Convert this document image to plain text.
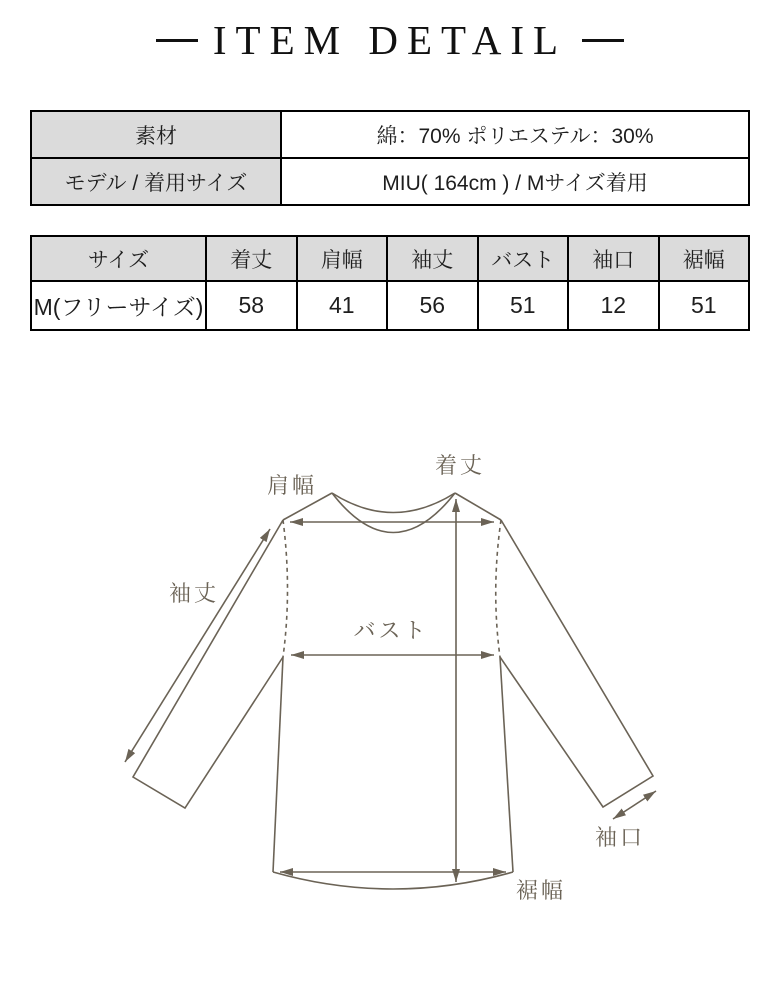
ITEM DETAIL
素材	綿：70% ポリエステル：30%
モデル / 着用サイズ	MIU( 164cm ) / Mサイズ着用
サイズ	着丈	肩幅	袖丈	バスト	袖口	裾幅
M(フリーサイズ)	58	41	56	51	12	51
着丈
肩幅
袖丈
バスト
袖口
裾幅
